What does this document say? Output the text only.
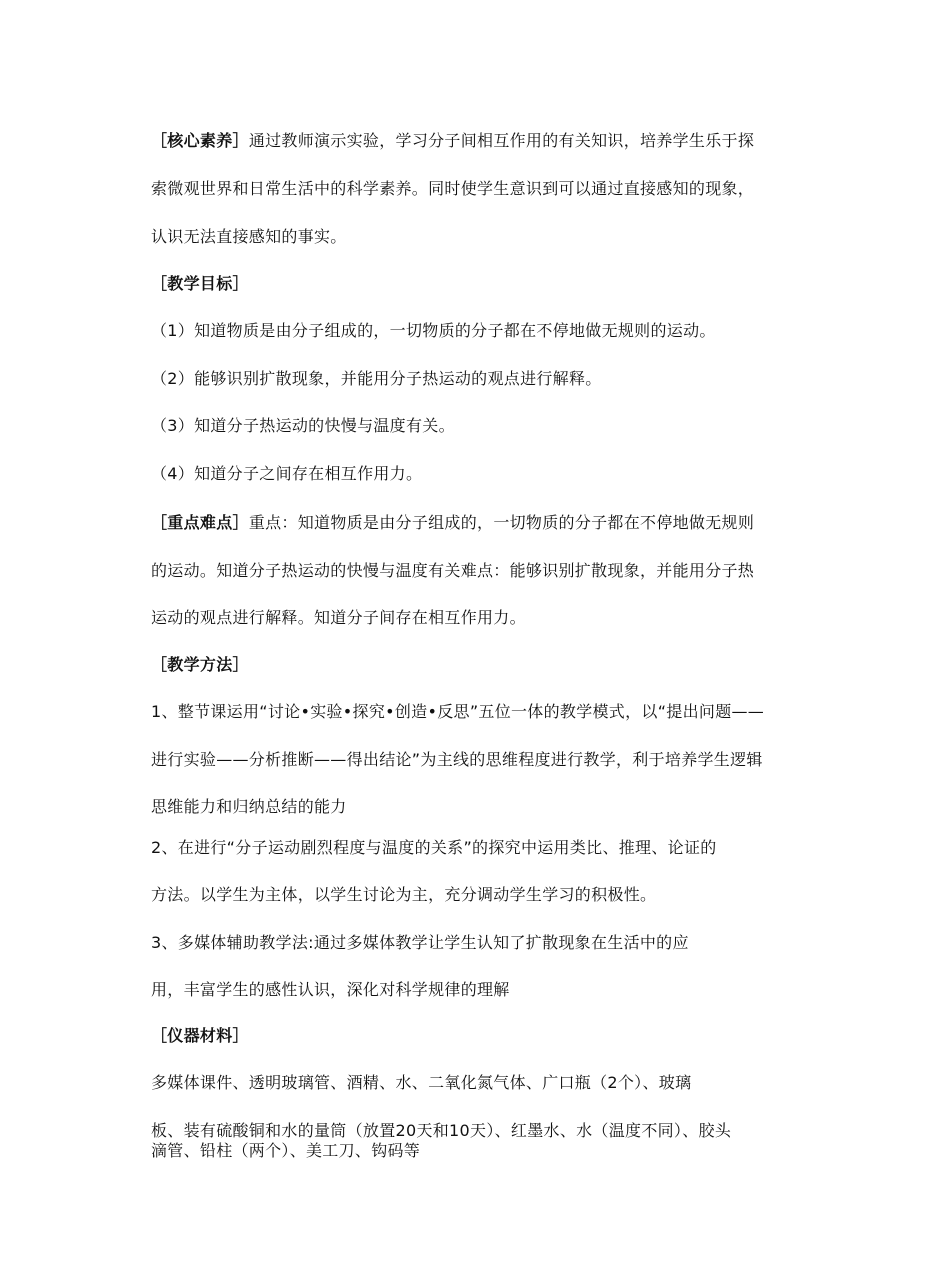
［核心素养］通过教师演示实验，学习分子间相互作用的有关知识，培养学生乐于探
索微观世界和日常生活中的科学素养。同时使学生意识到可以通过直接感知的现象，
认识无法直接感知的事实。
［教学目标］
（1）知道物质是由分子组成的，一切物质的分子都在不停地做无规则的运动。
（2）能够识别扩散现象，并能用分子热运动的观点进行解释。
（3）知道分子热运动的快慢与温度有关。
（4）知道分子之间存在相互作用力。
［重点难点］重点：知道物质是由分子组成的，一切物质的分子都在不停地做无规则
的运动。知道分子热运动的快慢与温度有关难点：能够识别扩散现象，并能用分子热
运动的观点进行解释。知道分子间存在相互作用力。
［教学方法］
1、整节课运用“讨论•实验•探究•创造•反思”五位一体的教学模式，以“提出问题——
进行实验——分析推断——得出结论”为主线的思维程度进行教学，利于培养学生逻辑
思维能力和归纳总结的能力
2、在进行“分子运动剧烈程度与温度的关系”的探究中运用类比、推理、论证的
方法。以学生为主体，以学生讨论为主，充分调动学生学习的积极性。
3、多媒体辅助教学法:通过多媒体教学让学生认知了扩散现象在生活中的应
用，丰富学生的感性认识，深化对科学规律的理解
［仪器材料］
多媒体课件、透明玻璃管、酒精、水、二氧化氮气体、广口瓶（2个）、玻璃
板、装有硫酸铜和水的量筒（放置20天和10天）、红墨水、水（温度不同）、胶头
滴管、铅柱（两个）、美工刀、钩码等
